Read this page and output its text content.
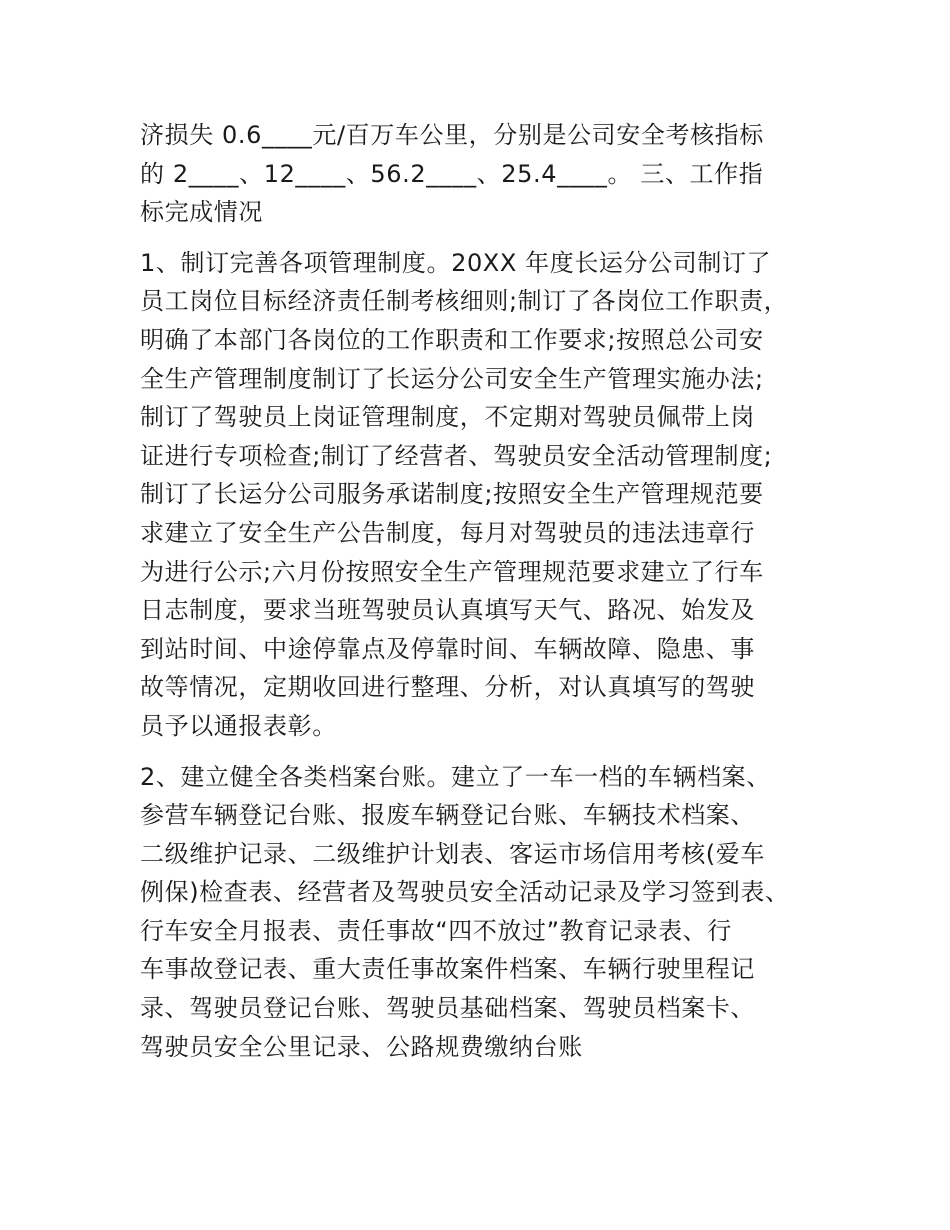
济损失 0.6____元/百万车公里，分别是公司安全考核指标
的 2____、12____、56.2____、25.4____。 三、工作指
标完成情况
1、制订完善各项管理制度。20XX 年度长运分公司制订了
员工岗位目标经济责任制考核细则;制订了各岗位工作职责，
明确了本部门各岗位的工作职责和工作要求;按照总公司安
全生产管理制度制订了长运分公司安全生产管理实施办法;
制订了驾驶员上岗证管理制度，不定期对驾驶员佩带上岗
证进行专项检查;制订了经营者、驾驶员安全活动管理制度;
制订了长运分公司服务承诺制度;按照安全生产管理规范要
求建立了安全生产公告制度，每月对驾驶员的违法违章行
为进行公示;六月份按照安全生产管理规范要求建立了行车
日志制度，要求当班驾驶员认真填写天气、路况、始发及
到站时间、中途停靠点及停靠时间、车辆故障、隐患、事
故等情况，定期收回进行整理、分析，对认真填写的驾驶
员予以通报表彰。
2、建立健全各类档案台账。建立了一车一档的车辆档案、
参营车辆登记台账、报废车辆登记台账、车辆技术档案、
二级维护记录、二级维护计划表、客运市场信用考核(爱车
例保)检查表、经营者及驾驶员安全活动记录及学习签到表、
行车安全月报表、责任事故“四不放过”教育记录表、行
车事故登记表、重大责任事故案件档案、车辆行驶里程记
录、驾驶员登记台账、驾驶员基础档案、驾驶员档案卡、
驾驶员安全公里记录、公路规费缴纳台账
